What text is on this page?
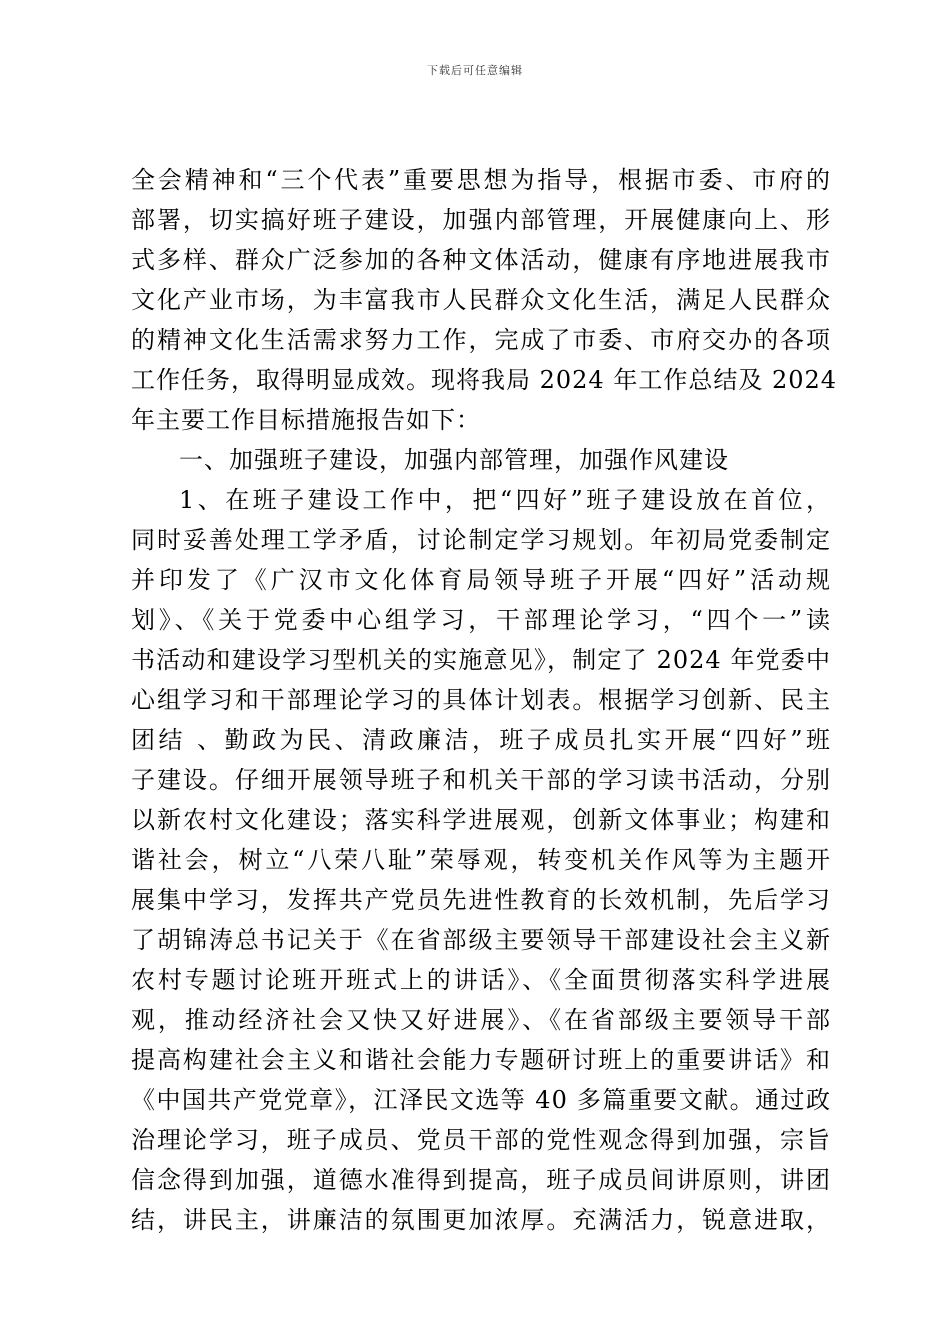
下载后可任意编辑
全会精神和“三个代表”重要思想为指导，根据市委、市府的
部署，切实搞好班子建设，加强内部管理，开展健康向上、形
式多样、群众广泛参加的各种文体活动，健康有序地进展我市
文化产业市场，为丰富我市人民群众文化生活，满足人民群众
的精神文化生活需求努力工作，完成了市委、市府交办的各项
工作任务，取得明显成效。现将我局 2024 年工作总结及 2024
年主要工作目标措施报告如下：
一、加强班子建设，加强内部管理，加强作风建设
1、在班子建设工作中，把“四好”班子建设放在首位，
同时妥善处理工学矛盾，讨论制定学习规划。年初局党委制定
并印发了《广汉市文化体育局领导班子开展“四好”活动规
划》、《关于党委中心组学习，干部理论学习，“四个一”读
书活动和建设学习型机关的实施意见》，制定了 2024 年党委中
心组学习和干部理论学习的具体计划表。根据学习创新、民主
团结 、勤政为民、清政廉洁，班子成员扎实开展“四好”班
子建设。仔细开展领导班子和机关干部的学习读书活动，分别
以新农村文化建设；落实科学进展观，创新文体事业；构建和
谐社会，树立“八荣八耻”荣辱观，转变机关作风等为主题开
展集中学习，发挥共产党员先进性教育的长效机制，先后学习
了胡锦涛总书记关于《在省部级主要领导干部建设社会主义新
农村专题讨论班开班式上的讲话》、《全面贯彻落实科学进展
观，推动经济社会又快又好进展》、《在省部级主要领导干部
提高构建社会主义和谐社会能力专题研讨班上的重要讲话》和
《中国共产党党章》，江泽民文选等 40 多篇重要文献。通过政
治理论学习，班子成员、党员干部的党性观念得到加强，宗旨
信念得到加强，道德水准得到提高，班子成员间讲原则，讲团
结，讲民主，讲廉洁的氛围更加浓厚。充满活力，锐意进取，
